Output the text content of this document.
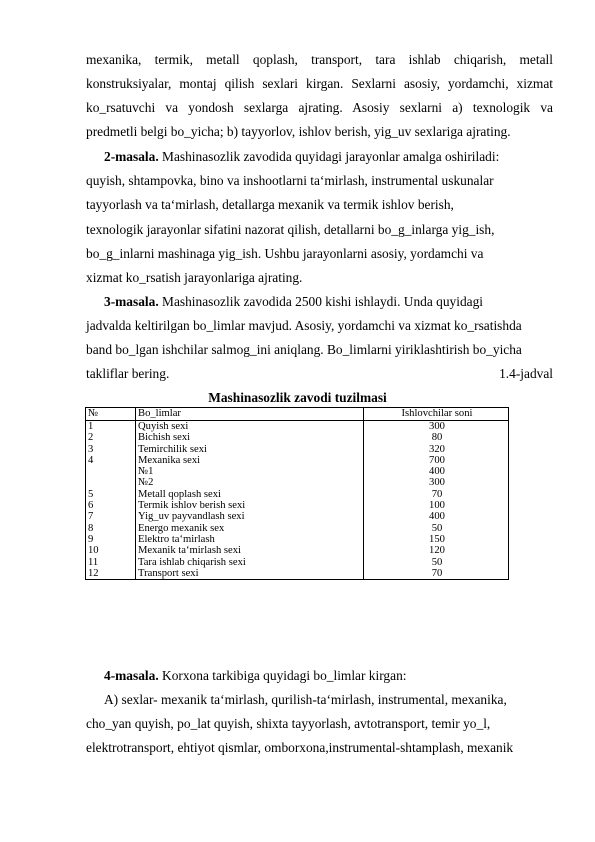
mexanika, termik, metall qoplash, transport, tara ishlab chiqarish, metall
konstruksiyalar, montaj qilish sexlari kirgan. Sexlarni asosiy, yordamchi, xizmat
ko_rsatuvchi va yondosh sexlarga ajrating. Asosiy sexlarni a) texnologik va
predmetli belgi bo_yicha; b) tayyorlov, ishlov berish, yig_uv sexlariga ajrating.
2-masala. Mashinasozlik zavodida quyidagi jarayonlar amalga oshiriladi:
quyish, shtampovka, bino va inshootlarni ta‘mirlash, instrumental uskunalar
tayyorlash va ta‘mirlash, detallarga mexanik va termik ishlov berish,
texnologik jarayonlar sifatini nazorat qilish, detallarni bo_g_inlarga yig_ish,
bo_g_inlarni mashinaga yig_ish. Ushbu jarayonlarni asosiy, yordamchi va
xizmat ko_rsatish jarayonlariga ajrating.
3-masala. Mashinasozlik zavodida 2500 kishi ishlaydi. Unda quyidagi
jadvalda keltirilgan bo_limlar mavjud. Asosiy, yordamchi va xizmat ko_rsatishda
band bo_lgan ishchilar salmog_ini aniqlang. Bo_limlarni yiriklashtirish bo_yicha
takliflar bering.	1.4-jadval
Mashinasozlik zavodi tuzilmasi
№	Bo_limlar	Ishlovchilar soni
1	Quyish sexi	300
2	Bichish sexi	80
3	Temirchilik sexi	320
4	Mexanika sexi	700
	№1	400
	№2	300
5	Metall qoplash sexi	70
6	Termik ishlov berish sexi	100
7	Yig_uv payvandlash sexi	400
8	Energo mexanik sex	50
9	Elektro ta‘mirlash	150
10	Mexanik ta‘mirlash sexi	120
11	Tara ishlab chiqarish sexi	50
12	Transport sexi	70
4-masala. Korxona tarkibiga quyidagi bo_limlar kirgan:
A) sexlar- mexanik ta‘mirlash, qurilish-ta‘mirlash, instrumental, mexanika,
cho_yan quyish, po_lat quyish, shixta tayyorlash, avtotransport, temir yo_l,
elektrotransport, ehtiyot qismlar, omborxona,instrumental-shtamplash, mexanik
